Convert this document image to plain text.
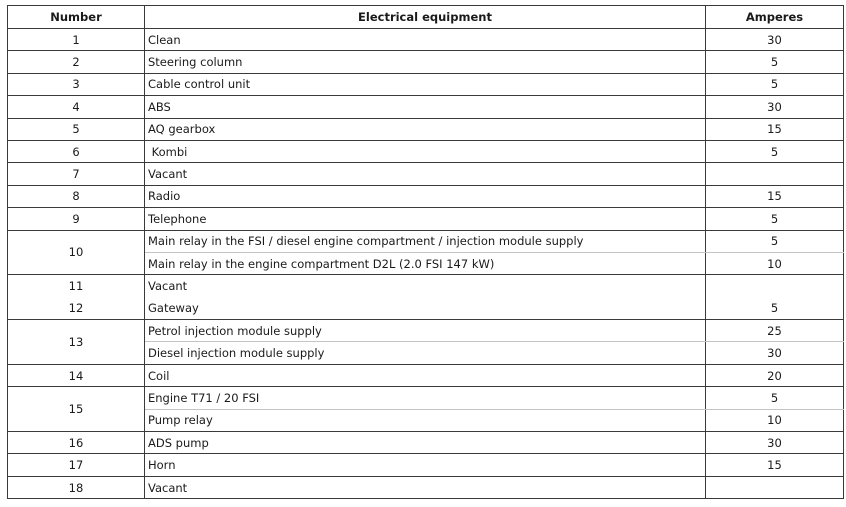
Number	Electrical equipment	Amperes
1	Clean	30
2	Steering column	5
3	Cable control unit	5
4	ABS	30
5	AQ gearbox	15
6	Kombi	5
7	Vacant	
8	Radio	15
9	Telephone	5
10	Main relay in the FSI / diesel engine compartment / injection module supply	5
	Main relay in the engine compartment D2L (2.0 FSI 147 kW)	10
11	Vacant	
12	Gateway	5
13	Petrol injection module supply	25
	Diesel injection module supply	30
14	Coil	20
15	Engine T71 / 20 FSI	5
	Pump relay	10
16	ADS pump	30
17	Horn	15
18	Vacant	
